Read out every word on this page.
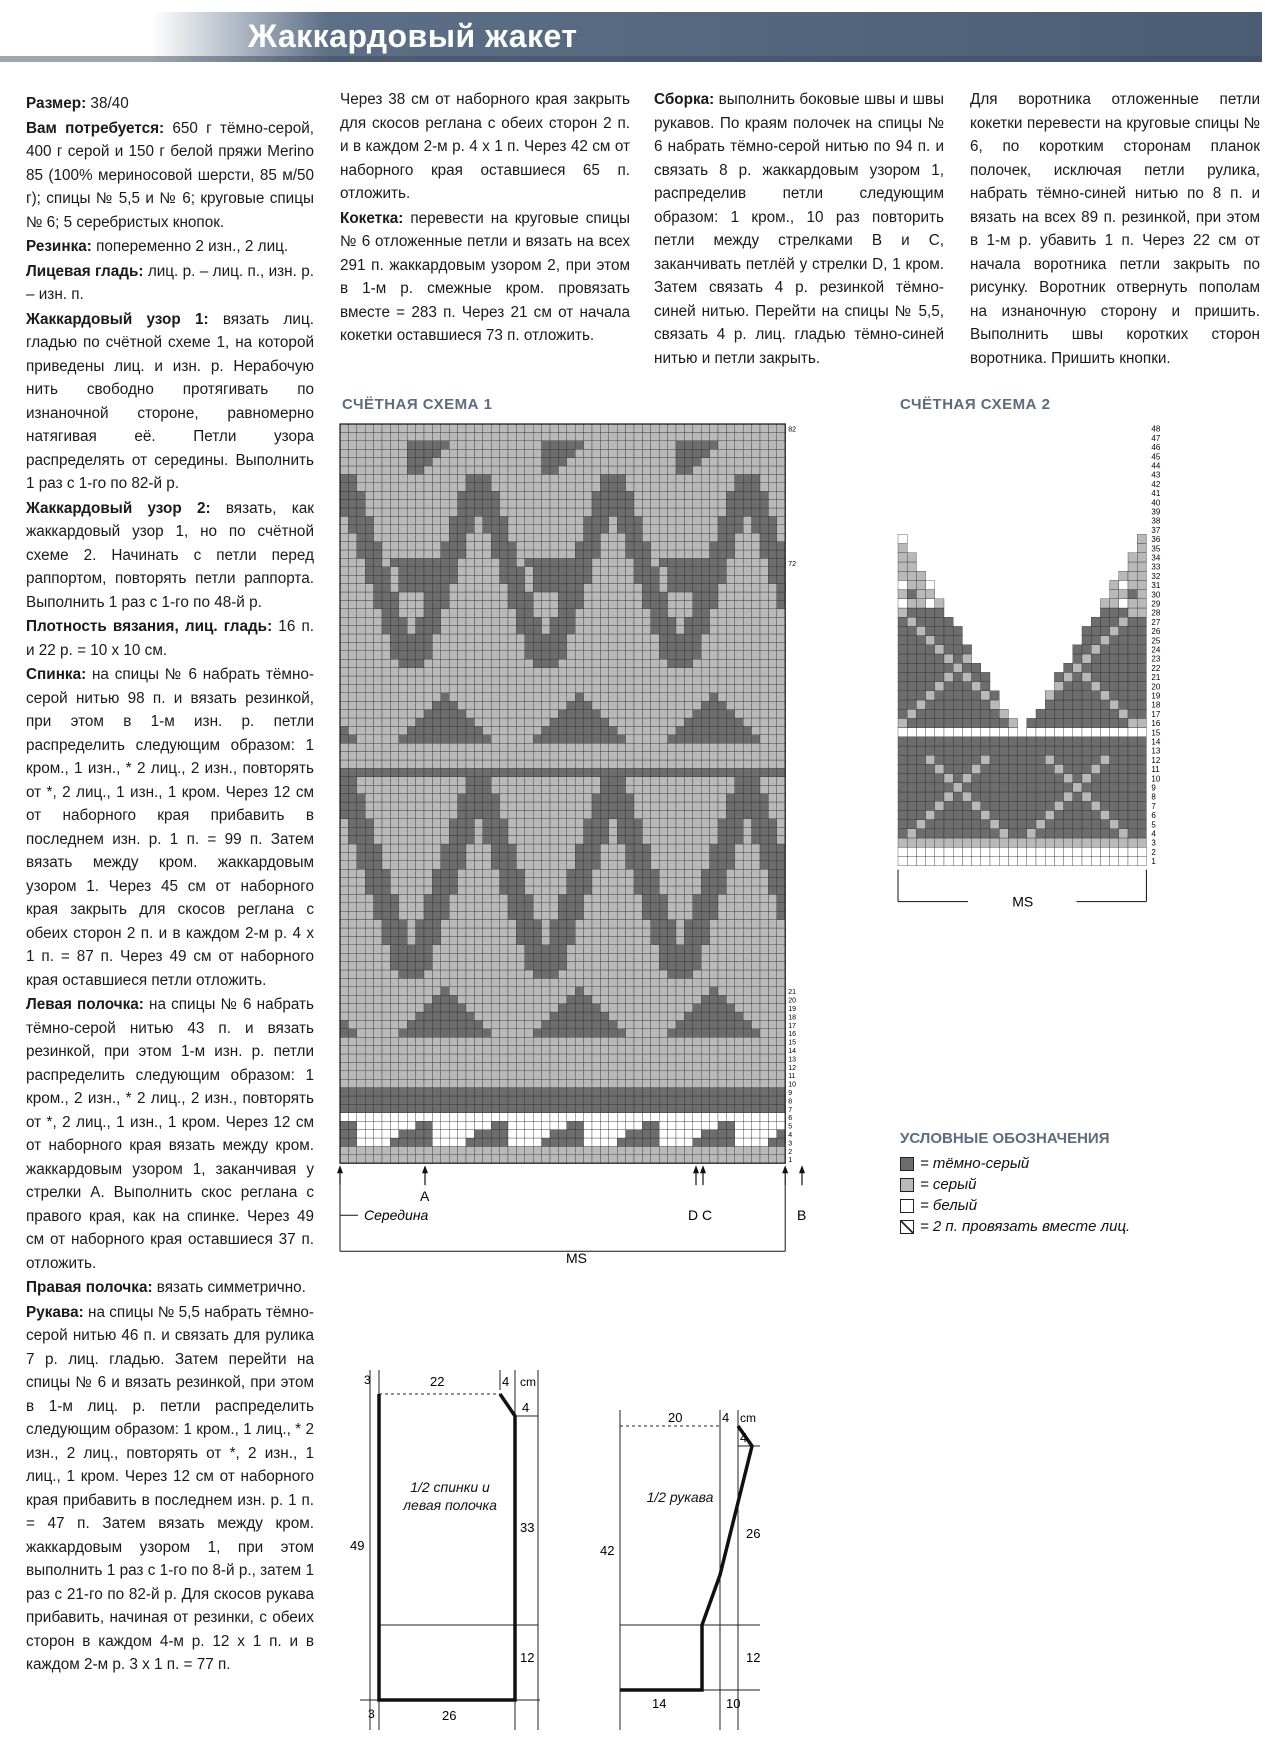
Жаккардовый жакет

Размер: 38/40

Вам потребуется: 650 г тёмно-серой, 400 г серой и 150 г белой пряжи Merino 85 (100% мериносовой шерсти, 85 м/50 г); спицы № 5,5 и № 6; круговые спицы № 6; 5 серебристых кнопок.

Резинка: попеременно 2 изн., 2 лиц.

Лицевая гладь: лиц. р. – лиц. п., изн. р. – изн. п.

Жаккардовый узор 1: вязать лиц. гладью по счётной схеме 1, на которой приведены лиц. и изн. р. Нерабочую нить свободно протягивать по изнаночной стороне, равномерно натягивая её. Петли узора распределять от середины. Выполнить 1 раз с 1-го по 82-й р.

Жаккардовый узор 2: вязать, как жаккардовый узор 1, но по счётной схеме 2. Начинать с петли перед раппортом, повторять петли раппорта. Выполнить 1 раз с 1-го по 48-й р.

Плотность вязания, лиц. гладь: 16 п. и 22 р. = 10 x 10 см.

Спинка: на спицы № 6 набрать тёмно-серой нитью 98 п. и вязать резинкой, при этом в 1-м изн. р. петли распределить следующим образом: 1 кром., 1 изн., * 2 лиц., 2 изн., повторять от *, 2 лиц., 1 изн., 1 кром. Через 12 см от наборного края прибавить в последнем изн. р. 1 п. = 99 п. Затем вязать между кром. жаккардовым узором 1. Через 45 см от наборного края закрыть для скосов реглана с обеих сторон 2 п. и в каждом 2-м р. 4 x 1 п. = 87 п. Через 49 см от наборного края оставшиеся петли отложить.

Левая полочка: на спицы № 6 набрать тёмно-серой нитью 43 п. и вязать резинкой, при этом 1-м изн. р. петли распределить следующим образом: 1 кром., 2 изн., * 2 лиц., 2 изн., повторять от *, 2 лиц., 1 изн., 1 кром. Через 12 см от наборного края вязать между кром. жаккардовым узором 1, заканчивая у стрелки А. Выполнить скос реглана с правого края, как на спинке. Через 49 см от наборного края оставшиеся 37 п. отложить.

Правая полочка: вязать симметрично.

Рукава: на спицы № 5,5 набрать тёмно-серой нитью 46 п. и связать для рулика 7 р. лиц. гладью. Затем перейти на спицы № 6 и вязать резинкой, при этом в 1-м лиц. р. петли распределить следующим образом: 1 кром., 1 лиц., * 2 изн., 2 лиц., повторять от *, 2 изн., 1 лиц., 1 кром. Через 12 см от наборного края прибавить в последнем изн. р. 1 п. = 47 п. Затем вязать между кром. жаккардовым узором 1, при этом выполнить 1 раз с 1-го по 8-й р., затем 1 раз с 21-го по 82-й р. Для скосов рукава прибавить, начиная от резинки, с обеих сторон в каждом 4-м р. 12 x 1 п. и в каждом 2-м р. 3 x 1 п. = 77 п.

Через 38 см от наборного края закрыть для скосов реглана с обеих сторон 2 п. и в каждом 2-м р. 4 x 1 п. Через 42 см от наборного края оставшиеся 65 п. отложить.

Кокетка: перевести на круговые спицы № 6 отложенные петли и вязать на всех 291 п. жаккардовым узором 2, при этом в 1-м р. смежные кром. провязать вместе = 283 п. Через 21 см от начала кокетки оставшиеся 73 п. отложить.

Сборка: выполнить боковые швы и швы рукавов. По краям полочек на спицы № 6 набрать тёмно-серой нитью по 94 п. и связать 8 р. жаккардовым узором 1, распределив петли следующим образом: 1 кром., 10 раз повторить петли между стрелками В и С, заканчивать петлёй у стрелки D, 1 кром. Затем связать 4 р. резинкой тёмно-синей нитью. Перейти на спицы № 5,5, связать 4 р. лиц. гладью тёмно-синей нитью и петли закрыть.

Для воротника отложенные петли кокетки перевести на круговые спицы № 6, по коротким сторонам планок полочек, исключая петли рулика, набрать тёмно-синей нитью по 8 п. и вязать на всех 89 п. резинкой, при этом в 1-м р. убавить 1 п. Через 22 см от начала воротника петли закрыть по рисунку. Воротник отвернуть пополам на изнаночную сторону и пришить. Выполнить швы коротких сторон воротника. Пришить кнопки.

СЧЁТНАЯ СХЕМА 1	СЧЁТНАЯ СХЕМА 2
1
2
3
4
5
6
7
8
9
10
11
12
13
14
15
16
17
18
19
20
21
72
82
A
Середина	D C	B
MS
1
2
3
4
5
6
7
8
9
10
11
12
13
14
15
16
17
18
19
20
21
22
23
24
25
26
27
28
29
30
31
32
33
34
35
36
37
38
39
40
41
42
43
44
45
46
47
48
MS
УСЛОВНЫЕ ОБОЗНАЧЕНИЯ
= тёмно-серый
= серый
= белый
= 2 п. провязать вместе лиц.
3	22	4 cm
4
49
33
12
26
3
1/2 спинки и левая полочка
20	4 cm
4
42
26
12
14	10
1/2 рукава
